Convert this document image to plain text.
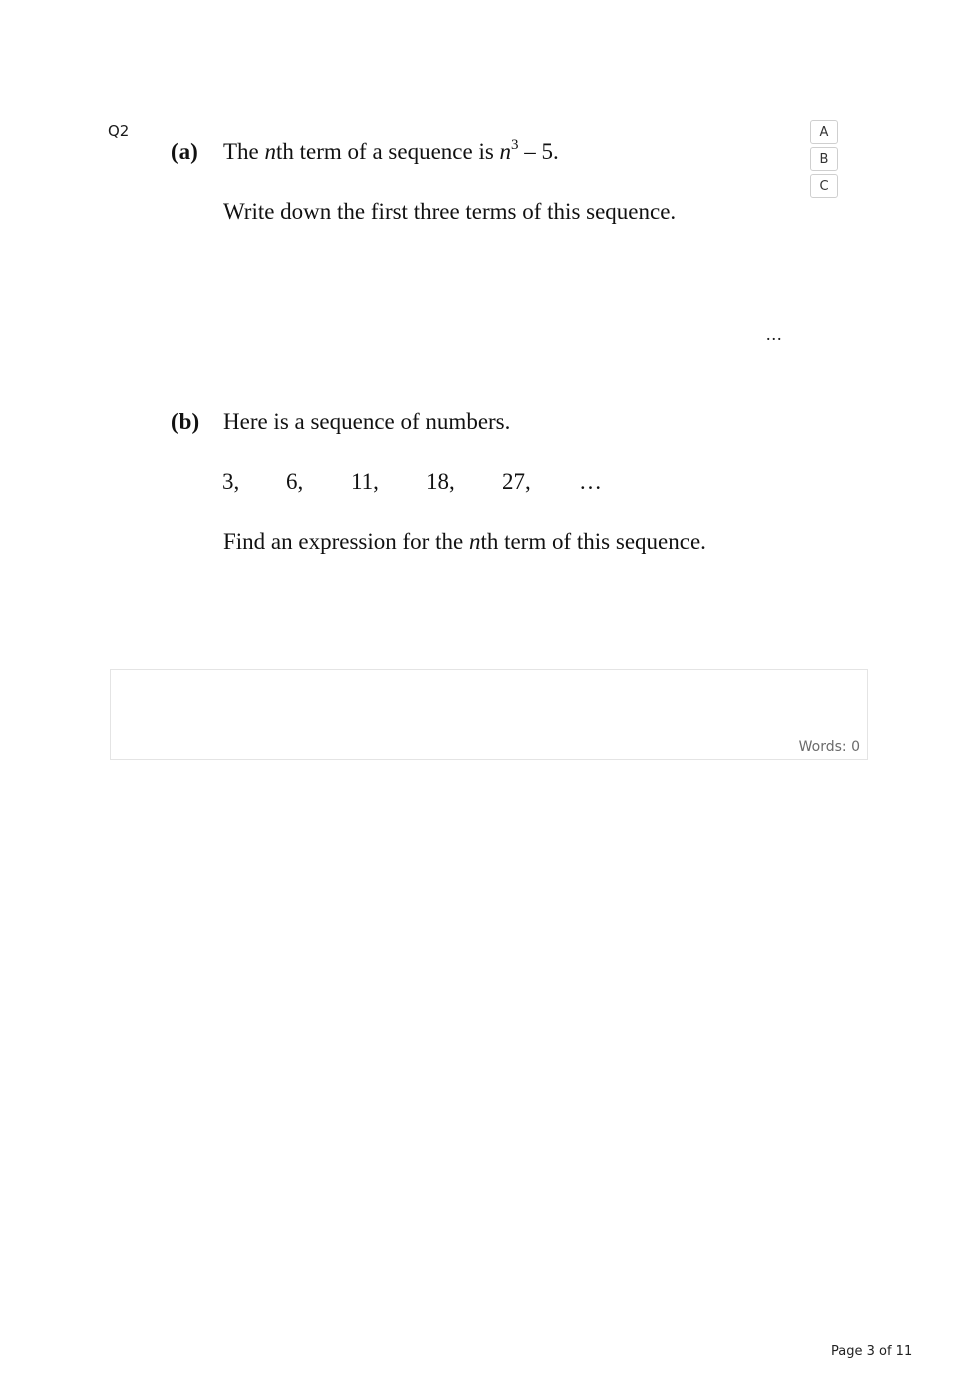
Q2
(a) The nth term of a sequence is $n^3 - 5$.
Write down the first three terms of this sequence.
...
(b) Here is a sequence of numbers.
3, 6, 11, 18, 27, …
Find an expression for the nth term of this sequence.
A
B
C
Words: 0
Page 3 of 11
